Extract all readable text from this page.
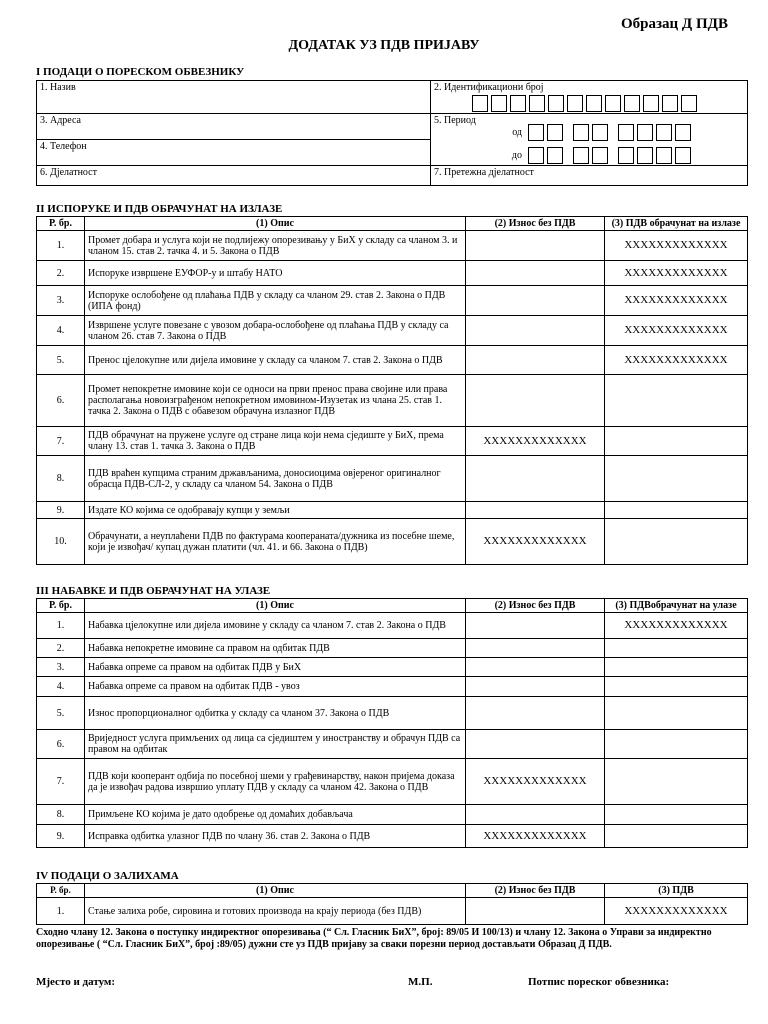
Образац Д ПДВ
ДОДАТАК УЗ ПДВ ПРИЈАВУ
I ПОДАЦИ О ПОРЕСКОМ ОБВЕЗНИКУ
1. Назив	2. Идентификациони број

3. Адреса	5. Период
од
до

4. Телефон	
6. Дјелатност	7. Претежна дјелатност
II ИСПОРУКЕ И ПДВ ОБРАЧУНАТ НА ИЗЛАЗЕ
Р. бр.	(1) Опис	(2) Износ без ПДВ	(3) ПДВ обрачунат на излазе
1.	Промет добара и услуга који не подлијежу опорезивању у БиХ у складу са чланом 3. и чланом 15. став 2. тачка 4. и 5. Закона о ПДВ		XXXXXXXXXXXXX
2.	Испоруке извршене ЕУФОР-у и штабу НАТО		XXXXXXXXXXXXX
3.	Испоруке ослобођене од плаћања ПДВ у складу са чланом 29. став 2. Закона о ПДВ (ИПА фонд)		XXXXXXXXXXXXX
4.	Извршене услуге повезане с увозом добара-ослобођене од плаћања ПДВ у складу са чланом 26. став 7. Закона о ПДВ		XXXXXXXXXXXXX
5.	Пренос цјелокупне или дијела имовине у складу са чланом 7. став 2. Закона о ПДВ		XXXXXXXXXXXXX
6.	Промет непокретне имовине који се односи на први пренос права својине или права располагања новоизграђеном непокретном имовином-Изузетак из члана 25. став 1. тачка 2. Закона о ПДВ с обавезом обрачуна излазног ПДВ		
7.	ПДВ обрачунат на пружене услуге од стране лица који нема сједиште у БиХ, према члану 13. став 1. тачка 3. Закона о ПДВ	XXXXXXXXXXXXX	
8.	ПДВ враћен купцима страним држављанима, доносиоцима овјереног оригиналног обрасца ПДВ-СЛ-2, у складу са чланом 54. Закона о ПДВ		
9.	Издате КО којима се одобравају купци у земљи		
10.	Обрачунати, а неуплаћени ПДВ по фактурама коопераната/дужника из посебне шеме, који је извођач/ купац дужан платити (чл. 41. и 66. Закона о ПДВ)	XXXXXXXXXXXXX	
III НАБАВКЕ И ПДВ ОБРАЧУНАТ НА УЛАЗЕ
Р. бр.	(1) Опис	(2) Износ без ПДВ	(3) ПДВобрачунат на улазе
1.	Набавка цјелокупне или дијела имовине у складу са чланом 7. став 2. Закона о ПДВ		XXXXXXXXXXXXX
2.	Набавка непокретне имовине са правом на одбитак ПДВ		
3.	Набавка опреме са правом на одбитак ПДВ у БиХ		
4.	Набавка опреме са правом на одбитак ПДВ - увоз		
5.	Износ пропорционалног одбитка у складу са чланом 37. Закона о ПДВ		
6.	Вриједност услуга примљених од лица са сједиштем у иностранству и обрачун ПДВ са правом на одбитак		
7.	ПДВ који кооперант одбија по посебној шеми у грађевинарству, након пријема доказа да је извођач радова извршио уплату ПДВ у складу са чланом 42. Закона о ПДВ	XXXXXXXXXXXXX	
8.	Примљене КО којима је дато одобрење од домаћих добављача		
9.	Исправка одбитка улазног ПДВ по члану 36. став 2. Закона о ПДВ	XXXXXXXXXXXXX	
IV ПОДАЦИ О ЗАЛИХАМА
Р. бр.	(1) Опис	(2) Износ без ПДВ	(3) ПДВ
1.	Стање залиха робе, сировина и готових производа на крају периода (без ПДВ)		XXXXXXXXXXXXX
Сходно члану 12. Закона о поступку индиректног опорезивања (“ Сл. Гласник БиХ”, број: 89/05 И 100/13) и члану 12. Закона о Управи за индиректно опорезивање ( “Сл. Гласник БиХ”, број :89/05) дужни сте уз ПДВ пријаву за сваки порезни период достављати Образац Д ПДВ.
Мјесто и датум:	М.П.	Потпис пореског обвезника:
